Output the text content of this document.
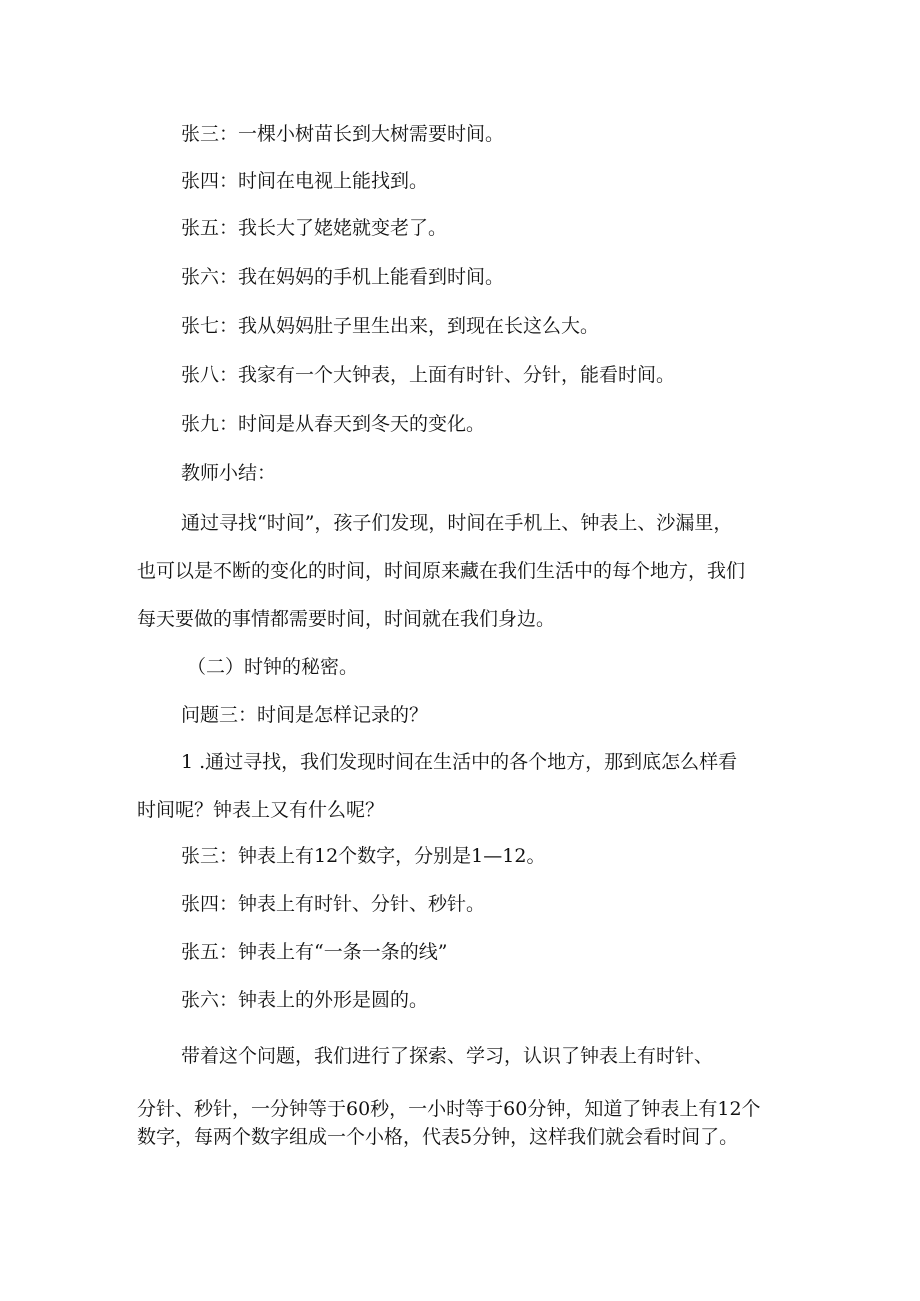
张三：一棵小树苗长到大树需要时间。

张四：时间在电视上能找到。

张五：我长大了姥姥就变老了。

张六：我在妈妈的手机上能看到时间。

张七：我从妈妈肚子里生出来，到现在长这么大。

张八：我家有一个大钟表，上面有时针、分针，能看时间。

张九：时间是从春天到冬天的变化。

教师小结：

通过寻找“时间”，孩子们发现，时间在手机上、钟表上、沙漏里，

也可以是不断的变化的时间，时间原来藏在我们生活中的每个地方，我们

每天要做的事情都需要时间，时间就在我们身边。

（二）时钟的秘密。

问题三：时间是怎样记录的？

1 .通过寻找，我们发现时间在生活中的各个地方，那到底怎么样看

时间呢？钟表上又有什么呢？

张三：钟表上有12个数字，分别是1—12。

张四：钟表上有时针、分针、秒针。

张五：钟表上有“一条一条的线”

张六：钟表上的外形是圆的。

带着这个问题，我们进行了探索、学习，认识了钟表上有时针、

分针、秒针，一分钟等于60秒，一小时等于60分钟，知道了钟表上有12个

数字，每两个数字组成一个小格，代表5分钟，这样我们就会看时间了。
